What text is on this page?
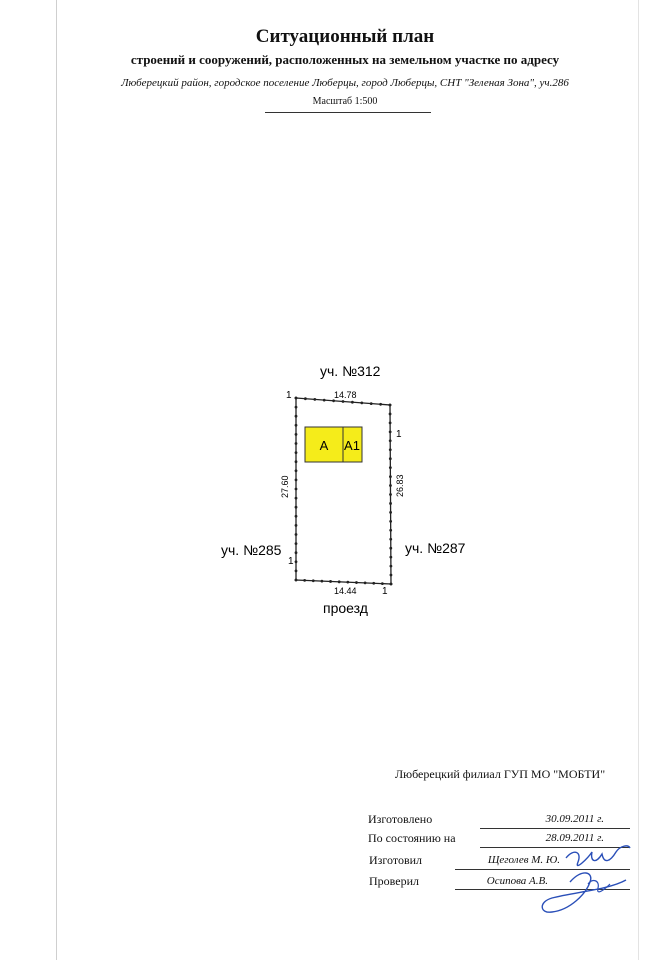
Ситуационный план
строений и сооружений, расположенных на земельном участке по адресу
Люберецкий район, городское поселение Люберцы, город Люберцы, СНТ "Зеленая Зона", уч.286
Масштаб 1:500
А А1
уч. №312
уч. №285	уч. №287
проезд
14.78
14.44
27.60	26.83
1
1
1
1
Люберецкий филиал ГУП МО "МОБТИ"
Изготовлено	30.09.2011 г.
По состоянию на	28.09.2011 г.
Изготовил	Щеголев М. Ю.
Проверил	Осипова А.В.
